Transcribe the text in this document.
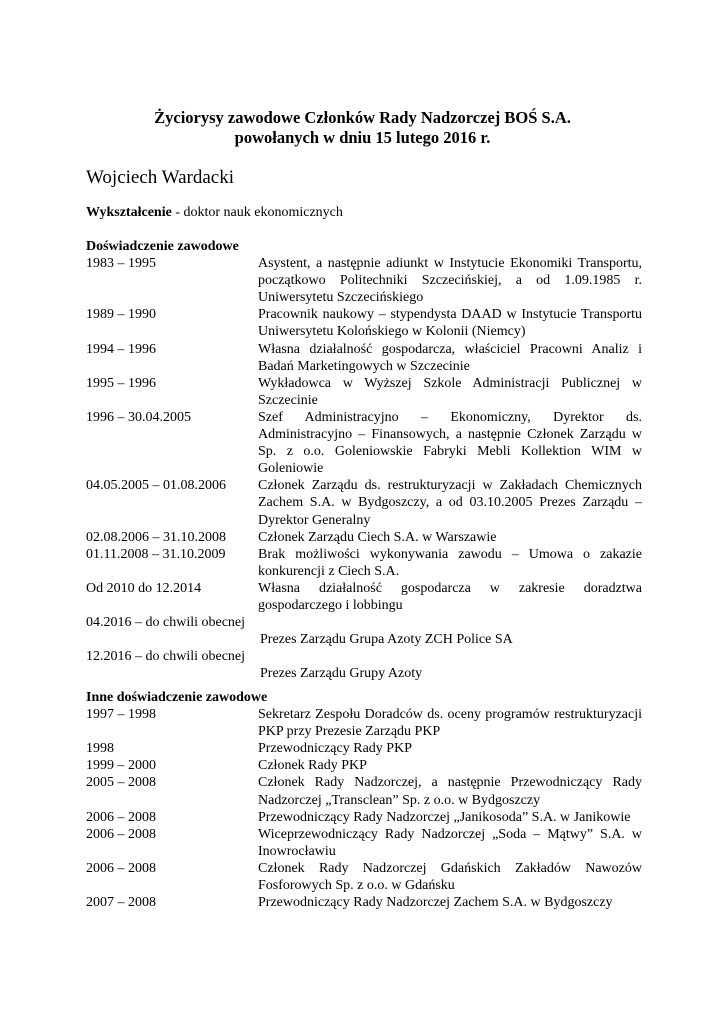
Życiorysy zawodowe Członków Rady Nadzorczej BOŚ S.A.
powołanych w dniu 15 lutego 2016 r.
Wojciech Wardacki
Wykształcenie - doktor nauk ekonomicznych
Doświadczenie zawodowe
1983 – 1995	Asystent, a następnie adiunkt w Instytucie Ekonomiki Transportu, początkowo Politechniki Szczecińskiej, a od 1.09.1985 r. Uniwersytetu Szczecińskiego
1989 – 1990	Pracownik naukowy – stypendysta DAAD w Instytucie Transportu Uniwersytetu Kolońskiego w Kolonii (Niemcy)
1994 – 1996	Własna działalność gospodarcza, właściciel Pracowni Analiz i Badań Marketingowych w Szczecinie
1995 – 1996	Wykładowca w Wyższej Szkole Administracji Publicznej w Szczecinie
1996 – 30.04.2005	Szef Administracyjno – Ekonomiczny, Dyrektor ds. Administracyjno – Finansowych, a następnie Członek Zarządu w Sp. z o.o. Goleniowskie Fabryki Mebli Kollektion WIM w Goleniowie
04.05.2005 – 01.08.2006	Członek Zarządu ds. restrukturyzacji w Zakładach Chemicznych Zachem S.A. w Bydgoszczy, a od 03.10.2005 Prezes Zarządu – Dyrektor Generalny
02.08.2006 – 31.10.2008	Członek Zarządu Ciech S.A. w Warszawie
01.11.2008 – 31.10.2009	Brak możliwości wykonywania zawodu – Umowa o zakazie konkurencji z Ciech S.A.
Od 2010 do 12.2014	Własna działalność gospodarcza w zakresie doradztwa gospodarczego i lobbingu
04.2016 – do chwili obecnej
Prezes Zarządu Grupa Azoty ZCH Police SA
12.2016 – do chwili obecnej
Prezes Zarządu Grupy Azoty
Inne doświadczenie zawodowe
1997 – 1998	Sekretarz Zespołu Doradców ds. oceny programów restrukturyzacji PKP przy Prezesie Zarządu PKP
1998	Przewodniczący Rady PKP
1999 – 2000	Członek Rady PKP
2005 – 2008	Członek Rady Nadzorczej, a następnie Przewodniczący Rady Nadzorczej „Transclean” Sp. z o.o. w Bydgoszczy
2006 – 2008	Przewodniczący Rady Nadzorczej „Janikosoda” S.A. w Janikowie
2006 – 2008	Wiceprzewodniczący Rady Nadzorczej „Soda – Mątwy” S.A. w Inowrocławiu
2006 – 2008	Członek Rady Nadzorczej Gdańskich Zakładów Nawozów Fosforowych Sp. z o.o. w Gdańsku
2007 – 2008	Przewodniczący Rady Nadzorczej Zachem S.A. w Bydgoszczy
